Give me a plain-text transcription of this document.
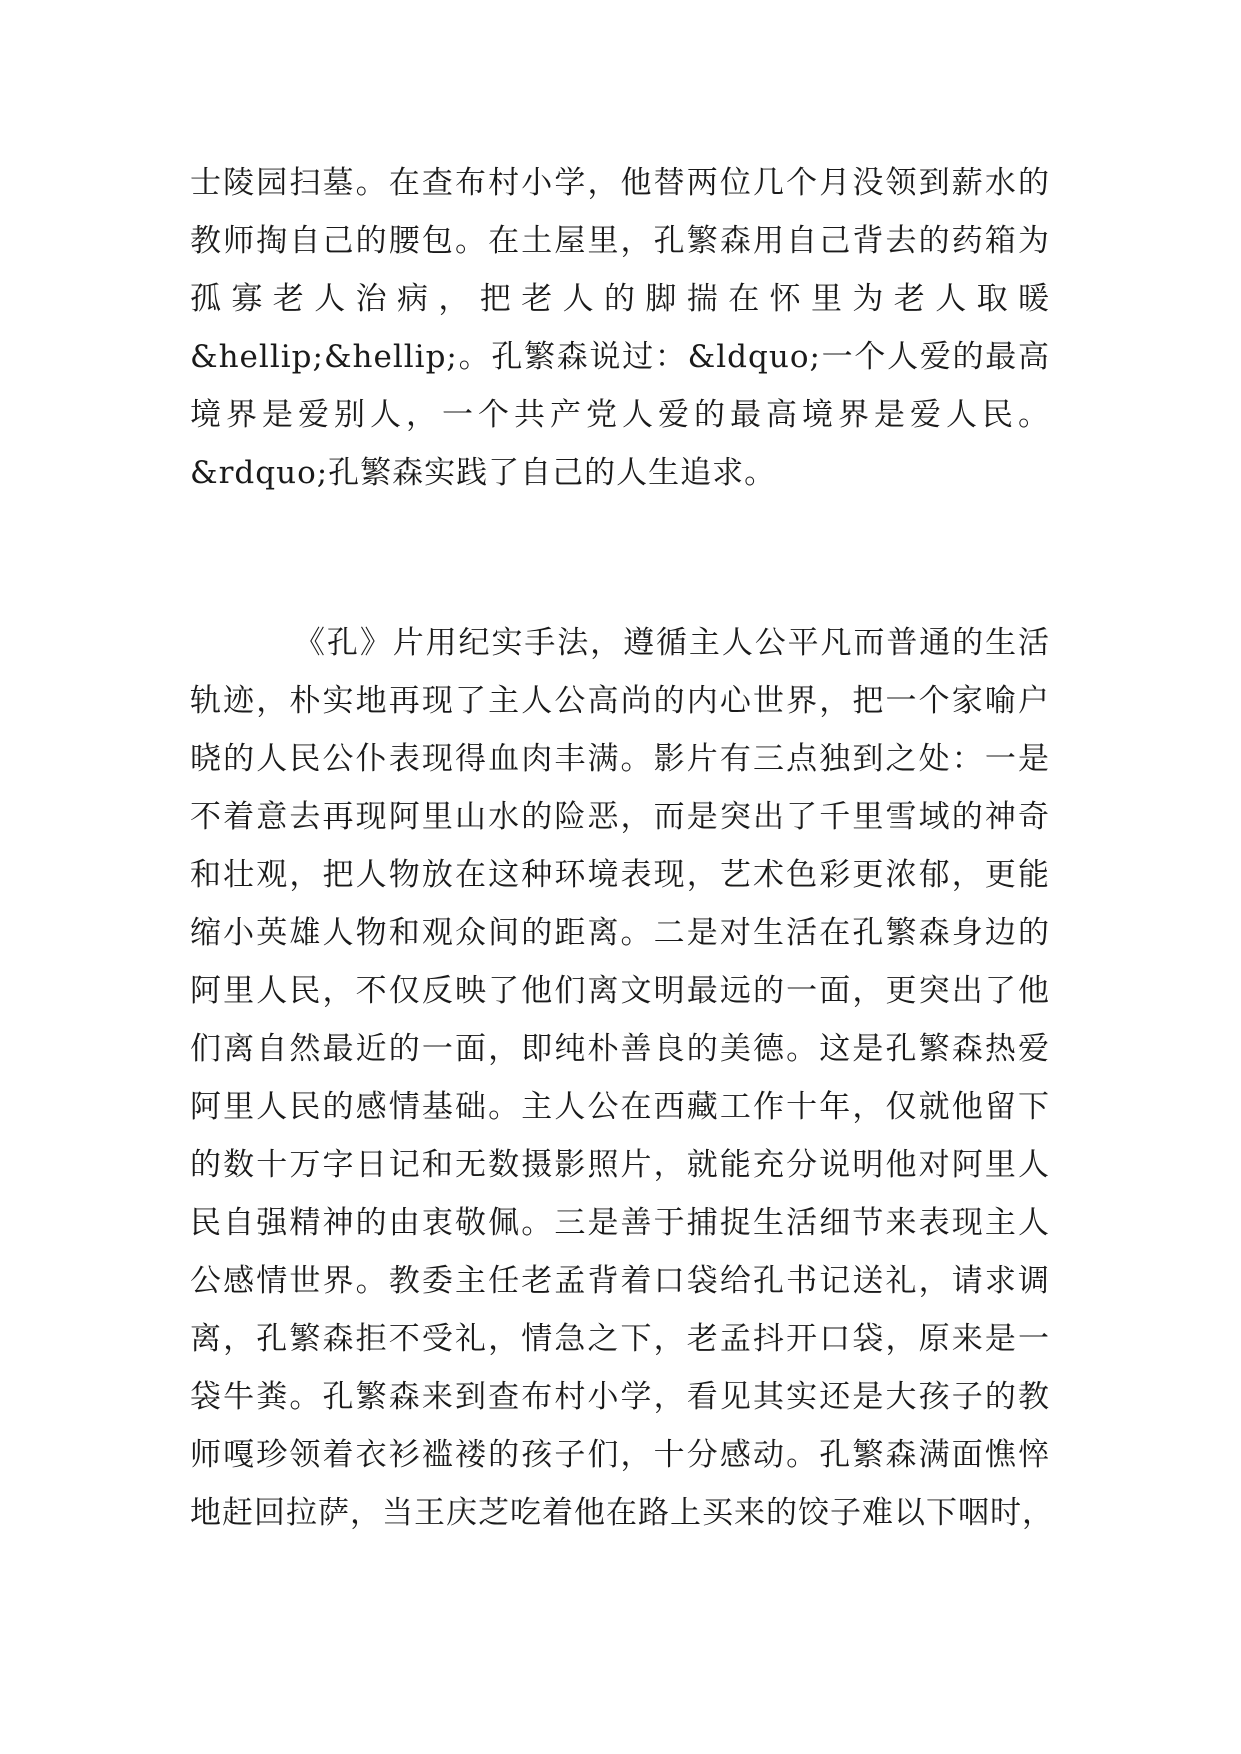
士陵园扫墓。在查布村小学，他替两位几个月没领到薪水的
教师掏自己的腰包。在土屋里，孔繁森用自己背去的药箱为
孤寡老人治病，把老人的脚揣在怀里为老人取暖
&hellip;&hellip;。孔繁森说过：&ldquo;一个人爱的最高
境界是爱别人，一个共产党人爱的最高境界是爱人民。
&rdquo;孔繁森实践了自己的人生追求。
《孔》片用纪实手法，遵循主人公平凡而普通的生活
轨迹，朴实地再现了主人公高尚的内心世界，把一个家喻户
晓的人民公仆表现得血肉丰满。影片有三点独到之处：一是
不着意去再现阿里山水的险恶，而是突出了千里雪域的神奇
和壮观，把人物放在这种环境表现，艺术色彩更浓郁，更能
缩小英雄人物和观众间的距离。二是对生活在孔繁森身边的
阿里人民，不仅反映了他们离文明最远的一面，更突出了他
们离自然最近的一面，即纯朴善良的美德。这是孔繁森热爱
阿里人民的感情基础。主人公在西藏工作十年，仅就他留下
的数十万字日记和无数摄影照片，就能充分说明他对阿里人
民自强精神的由衷敬佩。三是善于捕捉生活细节来表现主人
公感情世界。教委主任老孟背着口袋给孔书记送礼，请求调
离，孔繁森拒不受礼，情急之下，老孟抖开口袋，原来是一
袋牛粪。孔繁森来到查布村小学，看见其实还是大孩子的教
师嘎珍领着衣衫褴褛的孩子们，十分感动。孔繁森满面憔悴
地赶回拉萨，当王庆芝吃着他在路上买来的饺子难以下咽时，
